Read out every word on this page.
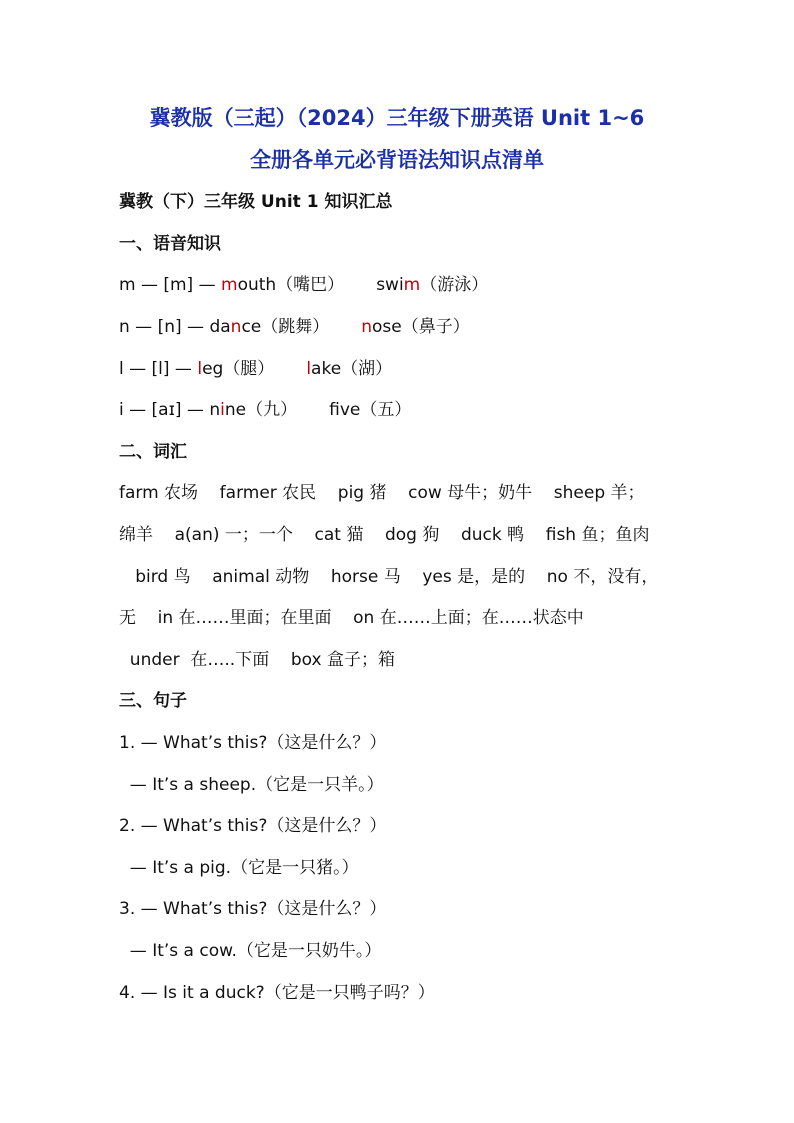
冀教版（三起）（2024）三年级下册英语 Unit 1~6
全册各单元必背语法知识点清单
冀教（下）三年级 Unit 1 知识汇总
一、语音知识
m — [m] — mouth（嘴巴） swim（游泳）
n — [n] — dance（跳舞） nose（鼻子）
l — [l] — leg（腿） lake（湖）
i — [aɪ] — nine（九） fve（五）
二、词汇
farm 农场    farmer 农民    pig 猪    cow 母牛；奶牛    sheep 羊；
绵羊    a(an) 一；一个    cat 猫    dog 狗    duck 鸭    fish 鱼；鱼肉
bird 鸟    animal 动物    horse 马    yes 是，是的    no 不，没有，
无    in 在……里面；在里面    on 在……上面；在……状态中
under  在…..下面    box 盒子；箱
三、句子
1. — What’s this?（这是什么？）
— It’s a sheep.（它是一只羊。）
2. — What’s this?（这是什么？）
— It’s a pig.（它是一只猪。）
3. — What’s this?（这是什么？）
— It’s a cow.（它是一只奶牛。）
4. — Is it a duck?（它是一只鸭子吗？）
